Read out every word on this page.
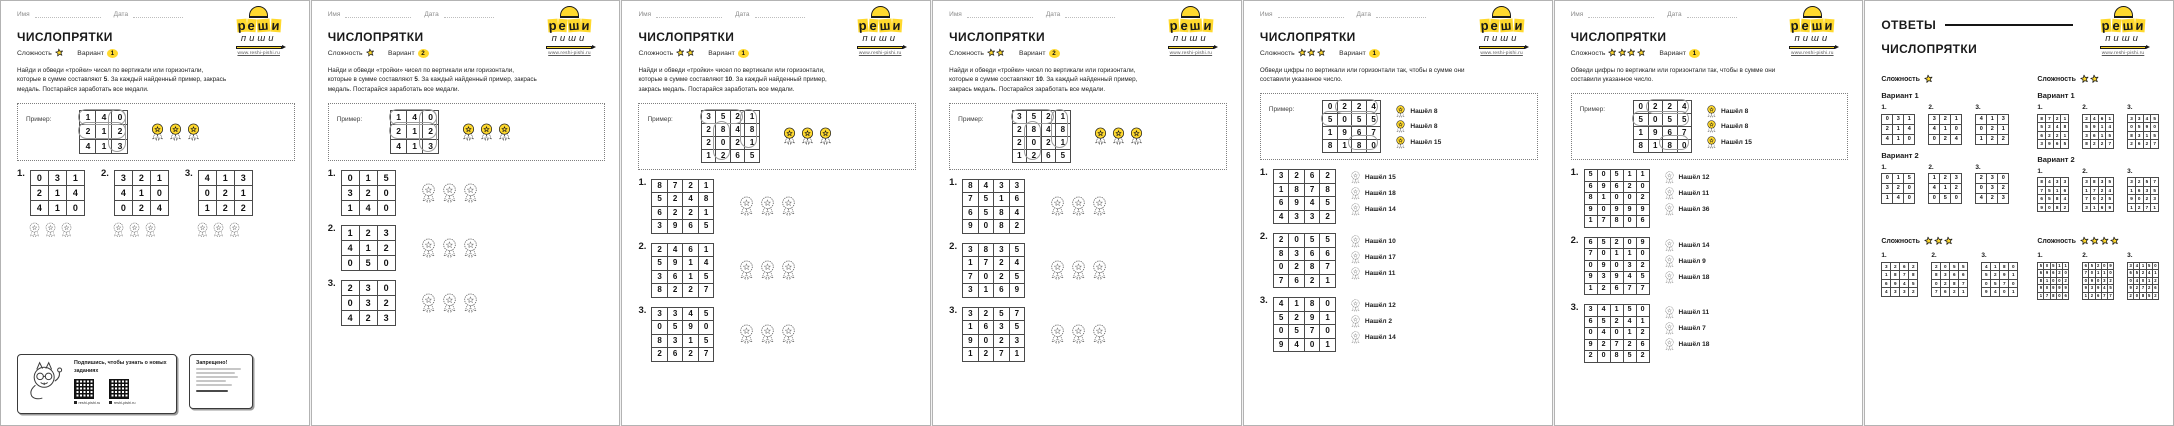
реши
пиши
www.reshi-pishi.ru
Имя	Дата
ЧИСЛОПРЯТКИ
Сложность	Вариант	1

Найди и обведи «тройки» чисел по вертикали или горизонтали, которые в сумме составляют 5. За каждый найденный пример, закрась медаль. Постарайся заработать все медали.

Пример:	1	4	0
2	1	2
4	1	3
1. 0	3	1
2	1	4
4	1	0
2. 3	2	1
4	1	0
0	2	4
3. 4	1	3
0	2	1
1	2	2
Подпишись, чтобы узнать о новых заданиях
reshi-pishi.ru	reshi-pishi.ru
Запрещено!
реши
пиши
www.reshi-pishi.ru
Имя	Дата
ЧИСЛОПРЯТКИ
Сложность	Вариант	2

Найди и обведи «тройки» чисел по вертикали или горизонтали, которые в сумме составляют 5. За каждый найденный пример, закрась медаль. Постарайся заработать все медали.

Пример:	1	4	0
2	1	2
4	1	3
1. 0	1	5
3	2	0
1	4	0
2. 1	2	3
4	1	2
0	5	0
3. 2	3	0
0	3	2
4	2	3
реши
пиши
www.reshi-pishi.ru
Имя	Дата
ЧИСЛОПРЯТКИ
Сложность	Вариант	1

Найди и обведи «тройки» чисел по вертикали или горизонтали, которые в сумме составляют 10. За каждый найденный пример, закрась медаль. Постарайся заработать все медали.

Пример:	3	5	2	1
2	8	4	8
2	0	2	1
1	2	6	5
1. 8	7	2	1
5	2	4	8
6	2	2	1
3	9	6	5
2. 2	4	6	1
5	9	1	4
3	6	1	5
8	2	2	7
3. 3	3	4	5
0	5	9	0
8	3	1	5
2	6	2	7
реши
пиши
www.reshi-pishi.ru
Имя	Дата
ЧИСЛОПРЯТКИ
Сложность	Вариант	2

Найди и обведи «тройки» чисел по вертикали или горизонтали, которые в сумме составляют 10. За каждый найденный пример, закрась медаль. Постарайся заработать все медали.

Пример:	3	5	2	1
2	8	4	8
2	0	2	1
1	2	6	5
1. 8	4	3	3
7	5	1	6
6	5	8	4
9	0	8	2
2. 3	8	3	5
1	7	2	4
7	0	2	5
3	1	6	9
3. 3	2	5	7
1	6	3	5
9	0	2	3
1	2	7	1
реши
пиши
www.reshi-pishi.ru
Имя	Дата
ЧИСЛОПРЯТКИ
Сложность	Вариант	1

Обведи цифры по вертикали или горизонтали так, чтобы в сумме они составили указанное число.

Пример:	0	2	2	4
5	0	5	5
1	9	6	7
8	1	8	0
Нашёл 8
Нашёл 8
Нашёл 15
1. 3	2	6	2
1	8	7	8
6	9	4	5
4	3	3	2
Нашёл 15
Нашёл 18
Нашёл 14
2. 2	0	5	5
8	3	6	6
0	2	8	7
7	6	2	1
Нашёл 10
Нашёл 17
Нашёл 11
3. 4	1	8	0
5	2	9	1
0	5	7	0
9	4	0	1
Нашёл 12
Нашёл 2
Нашёл 14
реши
пиши
www.reshi-pishi.ru
Имя	Дата
ЧИСЛОПРЯТКИ
Сложность	Вариант	1

Обведи цифры по вертикали или горизонтали так, чтобы в сумме они составили указанное число.

Пример:	0	2	2	4
5	0	5	5
1	9	6	7
8	1	8	0
Нашёл 8
Нашёл 8
Нашёл 15
1. 5	0	5	1	1
6	9	6	2	0
8	1	0	0	2
9	0	9	9	9
1	7	8	0	6
Нашёл 12
Нашёл 11
Нашёл 36
2. 6	5	2	0	9
7	0	1	1	0
0	9	0	3	2
9	3	9	4	5
1	2	6	7	7
Нашёл 14
Нашёл 9
Нашёл 18
3. 3	4	1	5	0
6	5	2	4	1
0	4	0	1	2
9	2	7	2	6
2	0	8	5	2
Нашёл 11
Нашёл 7
Нашёл 18
реши
пиши
www.reshi-pishi.ru
ОТВЕТЫ
ЧИСЛОПРЯТКИ
Сложность
Вариант 1
1.
0	3	1
2	1	4
4	1	0
2.
3	2	1
4	1	0
0	2	4
3.
4	1	3
0	2	1
1	2	2
Вариант 2
1.
0	1	5
3	2	0
1	4	0
2.
1	2	3
4	1	2
0	5	0
3.
2	3	0
0	3	2
4	2	3
Сложность
Вариант 1
1.
8	7	2	1
5	2	4	8
6	2	2	1
3	9	6	5
2.
2	4	6	1
5	9	1	4
3	6	1	5
8	2	2	7
3.
3	3	4	5
0	5	9	0
8	3	1	5
2	6	2	7
Вариант 2
1.
8	4	3	3
7	5	1	6
6	5	8	4
9	0	8	2
2.
3	8	3	5
1	7	2	4
7	0	2	5
3	1	6	9
3.
3	2	5	7
1	6	3	5
9	0	2	3
1	2	7	1
Сложность
1.
3	2	6	2
1	8	7	8
6	9	4	5
4	3	3	2
2.
2	0	5	5
8	3	6	6
0	2	8	7
7	6	2	1
3.
4	1	8	0
5	2	9	1
0	5	7	0
9	4	0	1
Сложность
1.
5	0	5	1	1
6	9	6	2	0
8	1	0	0	2
9	0	9	9	9
1	7	8	0	6
2.
6	5	2	0	9
7	0	1	1	0
0	9	0	3	2
9	3	9	4	5
1	2	6	7	7
3.
3	4	1	5	0
6	5	2	4	1
0	4	0	1	2
9	2	7	2	6
2	0	8	5	2
